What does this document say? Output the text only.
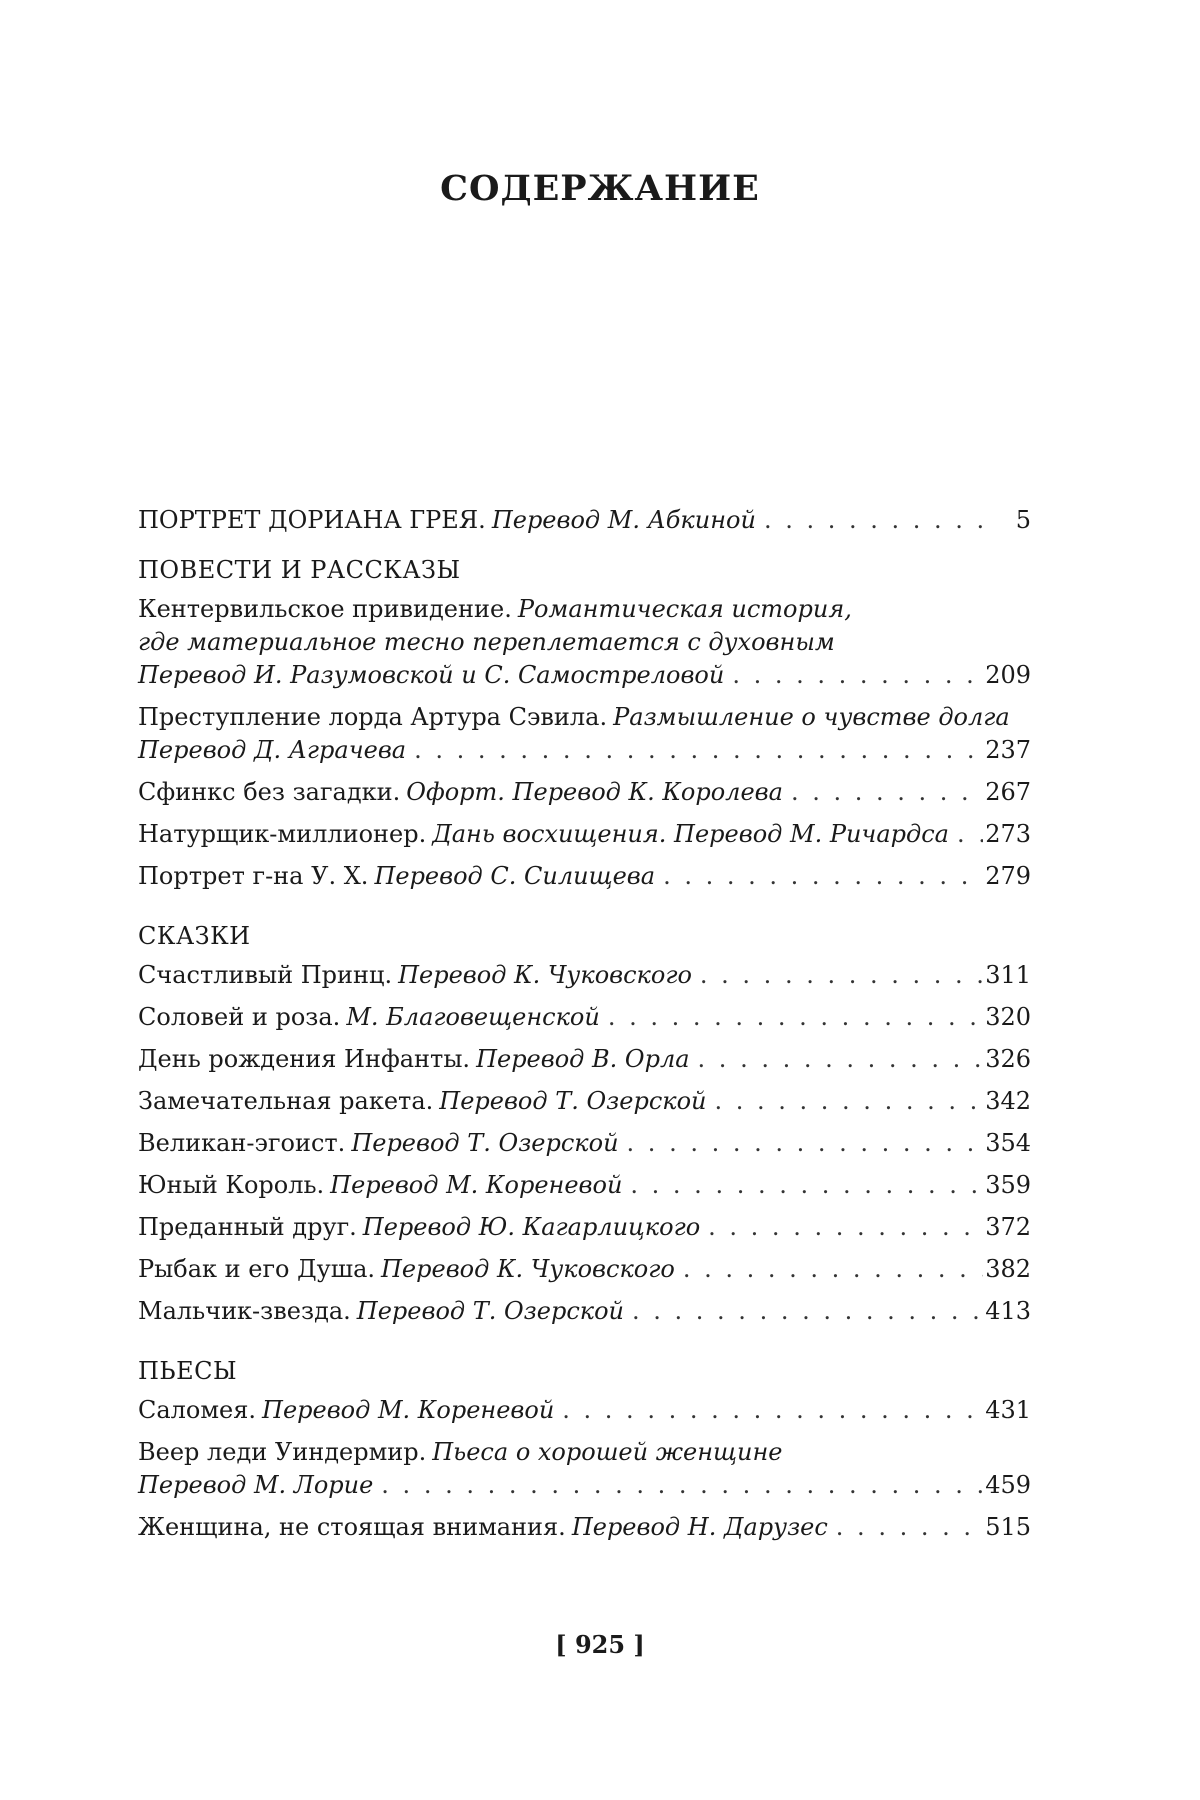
СОДЕРЖАНИЕ
ПОРТРЕТ ДОРИАНА ГРЕЯ. Перевод М. Абкиной . . .	5
ПОВЕСТИ И РАССКАЗЫ
Кентервильское привидение. Романтическая история,
где материальное тесно переплетается с духовным
Перевод И. Разумовской и С. Самостреловой . . .	209
Преступление лорда Артура Сэвила. Размышление о чувстве долга
Перевод Д. Аграчева . . .	237
Сфинкс без загадки. Офорт. Перевод К. Королева . . .	267
Натурщик-миллионер. Дань восхищения. Перевод М. Ричардса . . . 273
Портрет г-на У. Х. Перевод С. Силищева . . .	279
СКАЗКИ
Счастливый Принц. Перевод К. Чуковского . . .	311
Соловей и роза. М. Благовещенской . . .	320
День рождения Инфанты. Перевод В. Орла . . .	326
Замечательная ракета. Перевод Т. Озерской . . .	342
Великан-эгоист. Перевод Т. Озерской . . .	354
Юный Король. Перевод М. Кореневой . . .	359
Преданный друг. Перевод Ю. Кагарлицкого . . .	372
Рыбак и его Душа. Перевод К. Чуковского . . .	382
Мальчик-звезда. Перевод Т. Озерской . . .	413
ПЬЕСЫ
Саломея. Перевод М. Кореневой . . .	431
Веер леди Уиндермир. Пьеса о хорошей женщине
Перевод М. Лорие . . .	459
Женщина, не стоящая внимания. Перевод Н. Дарузес . . .	515
[ 925 ]
